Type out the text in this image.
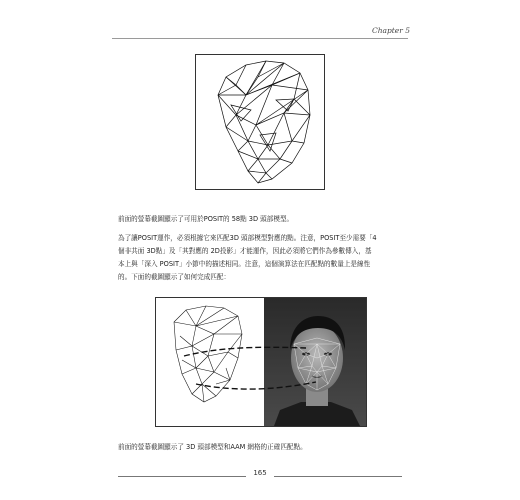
Chapter 5
前面的螢幕截圖顯示了可用於POSIT的 58點 3D 頭部模型。
為了讓POSIT運作，必須根據它來匹配3D 頭部模型對應的點。注意，POSIT至少需要「4
個非共面 3D點」及「其對應的 2D投影」才能運作，因此必須將它們作為參數傳入，基
本上與「深入 POSIT」小節中的描述相同。注意，這個演算法在匹配點的數量上是線性
的。下面的截圖顯示了如何完成匹配：
前面的螢幕截圖顯示了 3D 頭部模型和AAM 網格的正確匹配點。
165
